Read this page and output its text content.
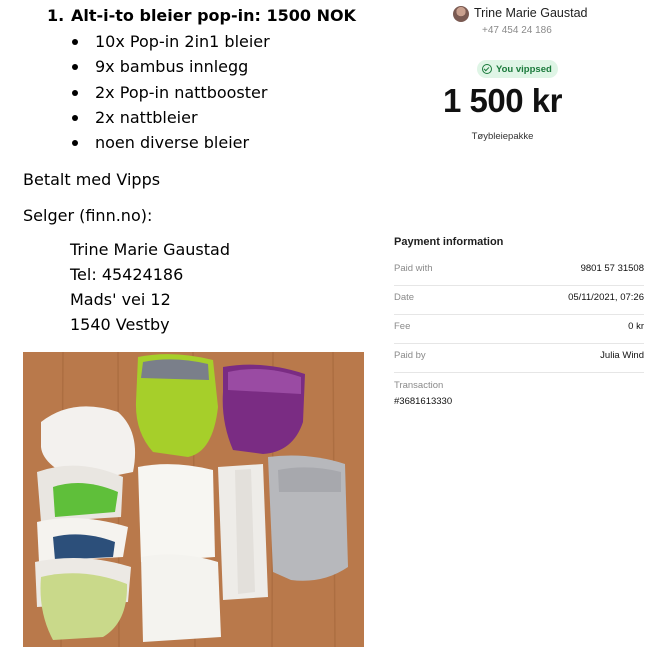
1. Alt-i-to bleier pop-in: 1500 NOK
10x Pop-in 2in1 bleier
9x bambus innlegg
2x Pop-in nattbooster
2x nattbleier
noen diverse bleier
Betalt med Vipps
Selger (finn.no):
Trine Marie Gaustad
Tel: 45424186
Mads' vei 12
1540 Vestby
Trine Marie Gaustad
+47 454 24 186
You vippsed
1 500 kr
Tøybleiepakke
Payment information
Paid with	9801 57 31508
Date	05/11/2021, 07:26
Fee	0 kr
Paid by	Julia Wind
Transaction
#3681613330
